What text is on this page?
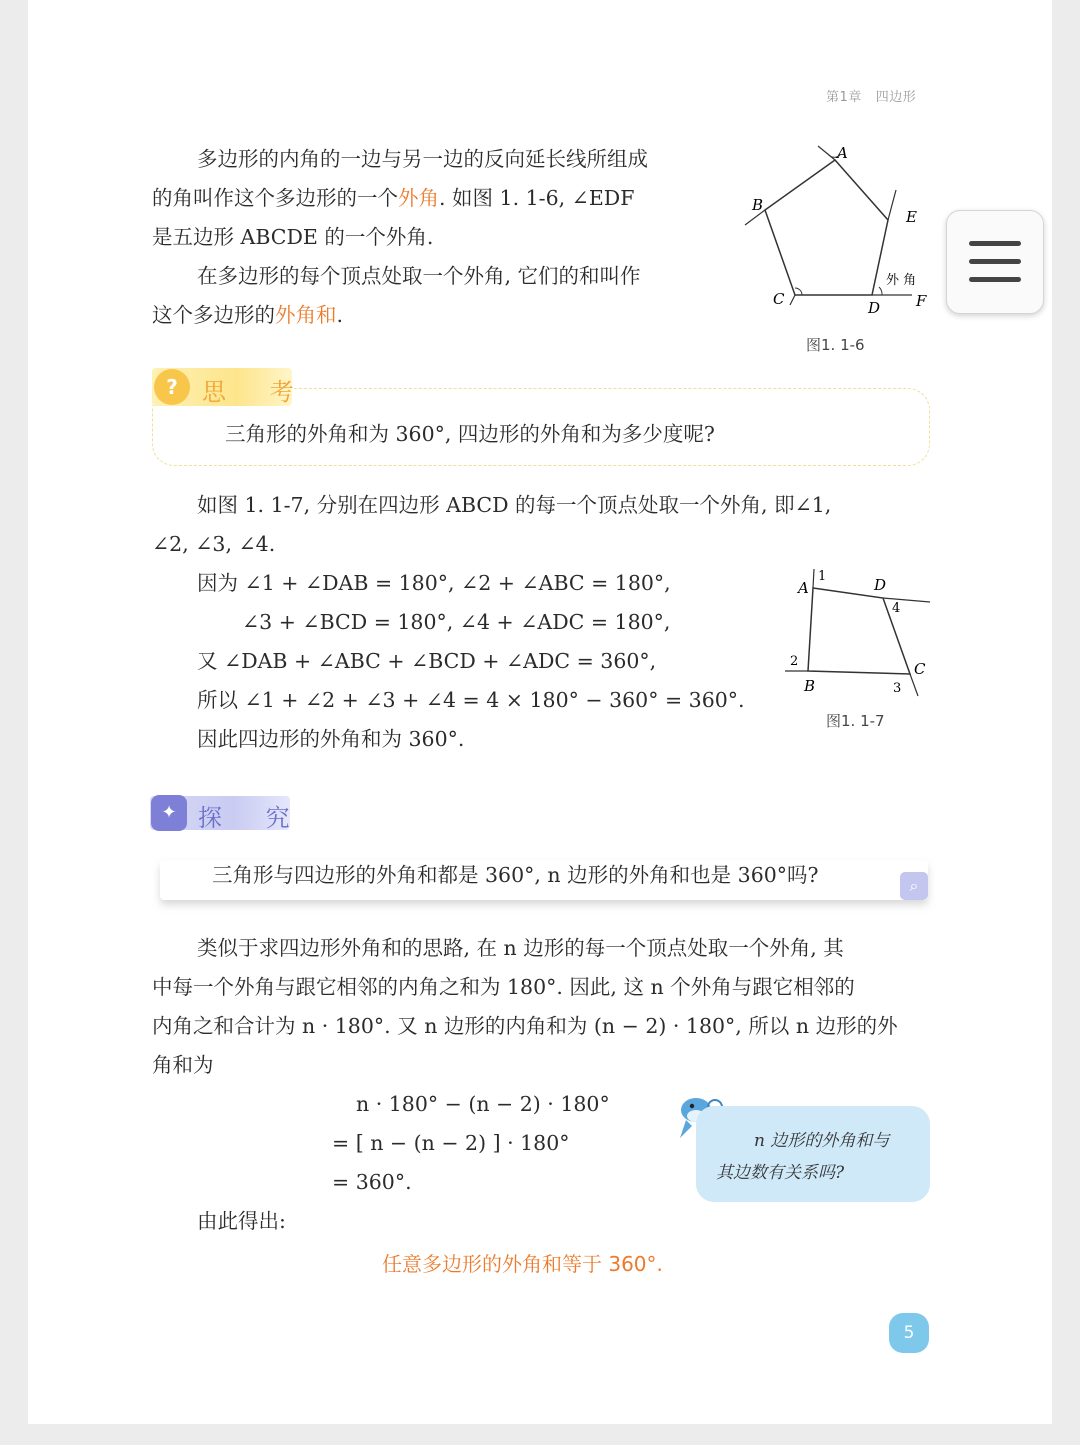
第1章 四边形
多边形的内角的一边与另一边的反向延长线所组成
的角叫作这个多边形的一个外角. 如图 1. 1-6, ∠EDF
是五边形 ABCDE 的一个外角.
在多边形的每个顶点处取一个外角, 它们的和叫作
这个多边形的外角和.
A
B
C	D
E
F
外 角
图1. 1-6
?	思 考
三角形的外角和为 360°, 四边形的外角和为多少度呢?
如图 1. 1-7, 分别在四边形 ABCD 的每一个顶点处取一个外角, 即∠1,
∠2, ∠3, ∠4.
因为 ∠1 + ∠DAB = 180°, ∠2 + ∠ABC = 180°,
∠3 + ∠BCD = 180°, ∠4 + ∠ADC = 180°,
又 ∠DAB + ∠ABC + ∠BCD + ∠ADC = 360°,
所以 ∠1 + ∠2 + ∠3 + ∠4 = 4 × 180° − 360° = 360°.
因此四边形的外角和为 360°.
A	D
C
B
1
2
3
4
图1. 1-7
✦ 探 究
三角形与四边形的外角和都是 360°, n 边形的外角和也是 360°吗?	⌕
类似于求四边形外角和的思路, 在 n 边形的每一个顶点处取一个外角, 其
中每一个外角与跟它相邻的内角之和为 180°. 因此, 这 n 个外角与跟它相邻的
内角之和合计为 n · 180°. 又 n 边形的内角和为 (n − 2) · 180°, 所以 n 边形的外
角和为
n · 180° − (n − 2) · 180°
= [ n − (n − 2) ] · 180°
= 360°.
n 边形的外角和与
其边数有关系吗?
由此得出:
任意多边形的外角和等于 360°.
5
